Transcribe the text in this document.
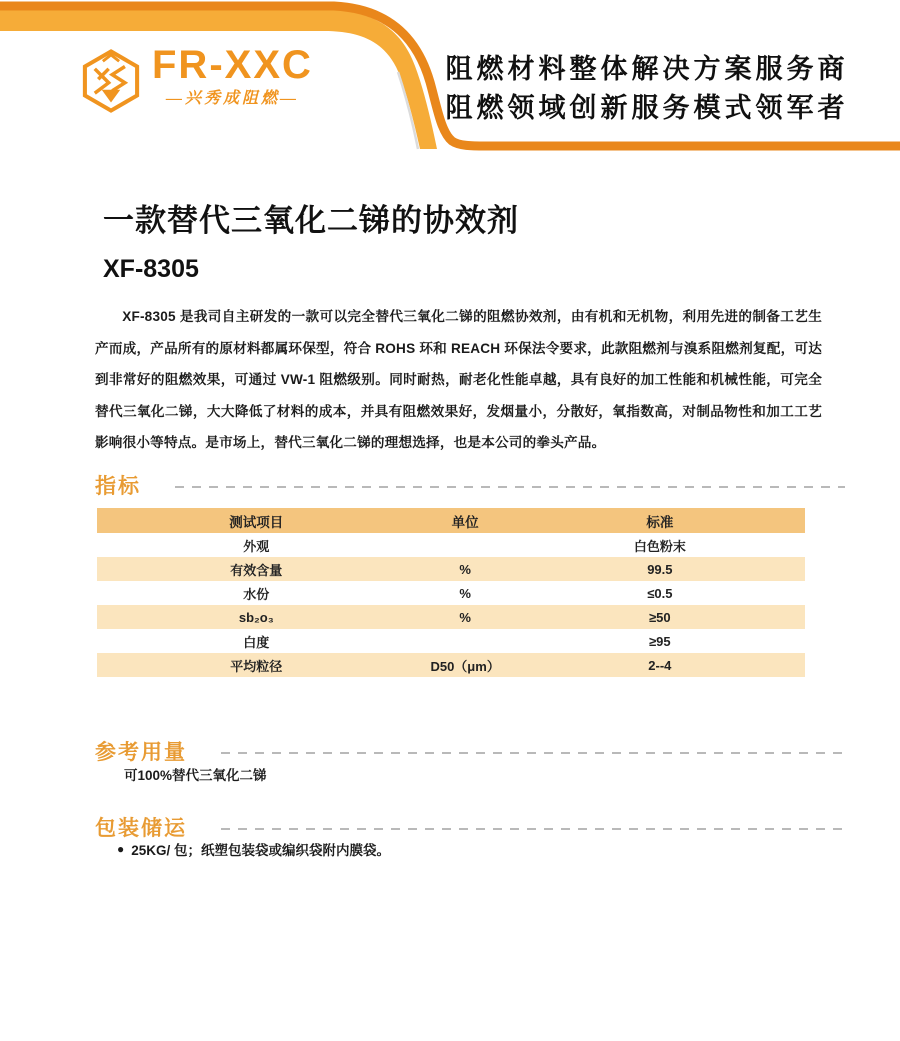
FR-XXC
—兴秀成阻燃—
阻燃材料整体解决方案服务商
阻燃领域创新服务模式领军者
一款替代三氧化二锑的协效剂
XF-8305

XF-8305 是我司自主研发的一款可以完全替代三氧化二锑的阻燃协效剂，由有机和无机物，利用先进的制备工艺生产而成，产品所有的原材料都属环保型，符合 ROHS 环和 REACH 环保法令要求，此款阻燃剂与溴系阻燃剂复配，可达到非常好的阻燃效果，可通过 VW-1 阻燃级别。同时耐热，耐老化性能卓越，具有良好的加工性能和机械性能，可完全替代三氧化二锑，大大降低了材料的成本，并具有阻燃效果好，发烟量小，分散好，氧指数高，对制品物性和加工工艺影响很小等特点。是市场上，替代三氧化二锑的理想选择，也是本公司的拳头产品。

指标
测试项目	单位	标准
外观		白色粉末
有效含量	%	99.5
水份	%	≤0.5
sb₂o₃	%	≥50
白度		≥95
平均粒径	D50（μm）	2--4
参考用量
可100%替代三氧化二锑
包装储运
● 25KG/ 包；纸塑包装袋或编织袋附内膜袋。
